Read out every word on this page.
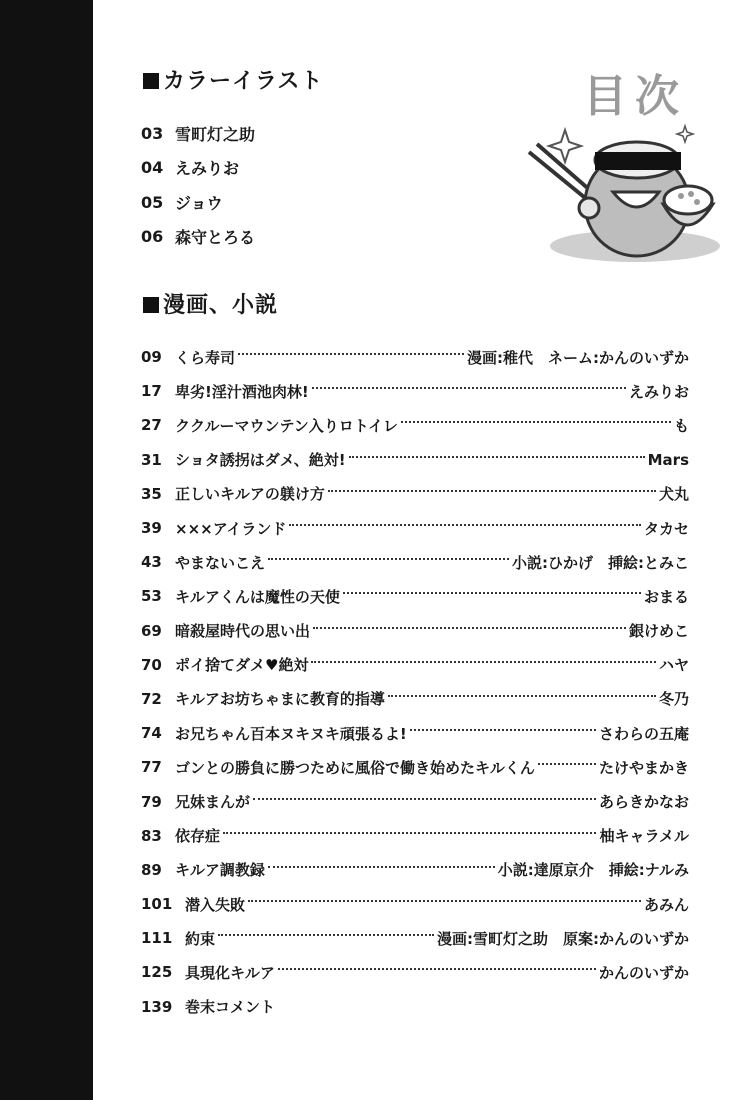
カラーイラスト	目次
03 雪町灯之助
04 えみりお
05 ジョウ
06 森守とろる
漫画、小説
09 くら寿司	漫画:稚代　ネーム:かんのいずか
17 卑劣!淫汁酒池肉林!	えみりお
27 ククルーマウンテン入りロトイレ	も
31 ショタ誘拐はダメ、絶対!	Mars
35 正しいキルアの躾け方	犬丸
39 ×××アイランド	タカセ
43 やまないこえ	小説:ひかげ　挿絵:とみこ
53 キルアくんは魔性の天使	おまる
69 暗殺屋時代の思い出	銀けめこ
70 ポイ捨てダメ♥絶対	ハヤ
72 キルアお坊ちゃまに教育的指導	冬乃
74 お兄ちゃん百本ヌキヌキ頑張るよ!	さわらの五庵
77 ゴンとの勝負に勝つために風俗で働き始めたキルくん	たけやまかき
79 兄妹まんが	あらきかなお
83 依存症	柚キャラメル
89 キルア調教録	小説:達原京介　挿絵:ナルみ
101 潜入失敗	あみん
111 約束	漫画:雪町灯之助　原案:かんのいずか
125 具現化キルア	かんのいずか
139 巻末コメント
